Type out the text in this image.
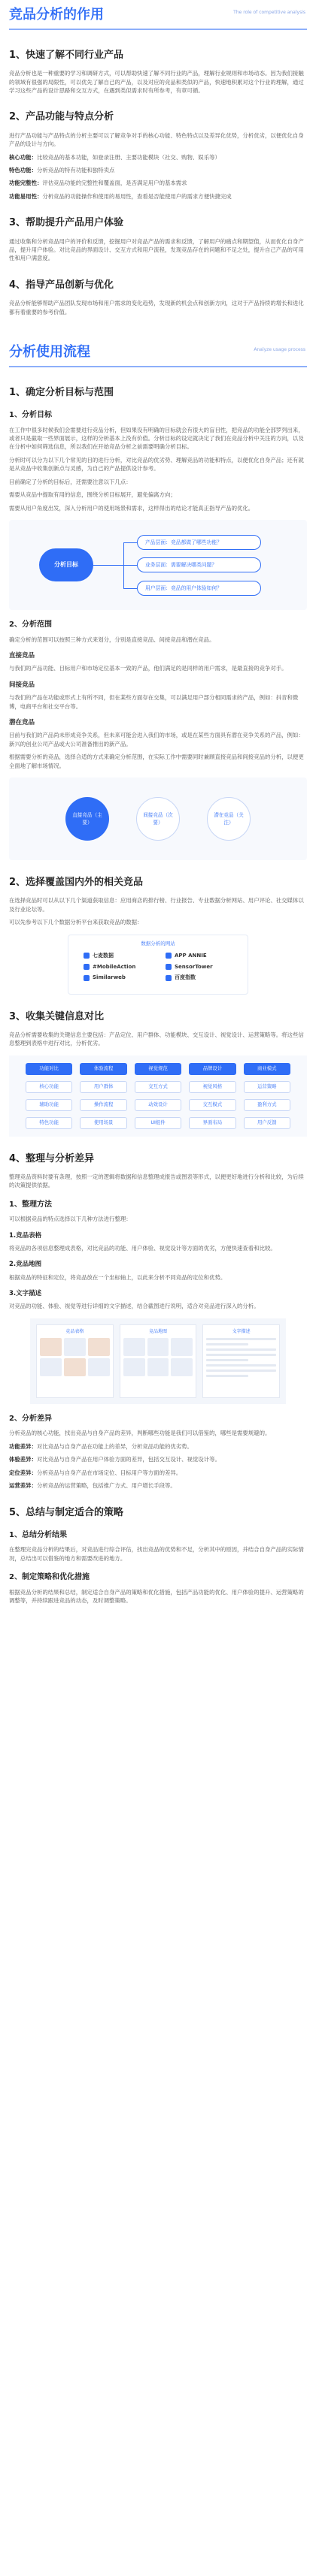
竞品分析的作用	The role of competitive analysis
1、快速了解不同行业产品
竞品分析也是一种重要的学习和调研方式，可以帮助快速了解不同行业的产品，理解行业规则和市场动态。因为我们接触的领域有很强的局限性，可以优先了解自己的产品，以及对应的竞品和类似的产品，快速地积累对这个行业的理解，通过学习这些产品的设计思路和交互方式，在遇到类似需求时有所参考，有章可循。
2、产品功能与特点分析
进行产品功能与产品特点的分析主要可以了解竞争对手的核心功能、特色特点以及差异化优势，分析优劣，以便优化自身产品的设计与方向。
核心功能：比较竞品的基本功能，如登录注册、主要功能模块（社交、购物、娱乐等）
特色功能：分析竞品的特有功能和独特卖点
功能完整性：评估竞品功能的完整性和覆盖面，是否满足用户的基本需求
功能易用性：分析竞品的功能操作和使用的易用性，查看是否能使用户的需求方便快捷完成
3、帮助提升产品用户体验
通过收集和分析竞品用户的评价和反馈，挖掘用户对竞品产品的需求和反馈，了解用户的痛点和期望值，从而优化自身产品，提升用户体验。对比竞品的界面设计、交互方式和用户流程，发现竞品存在的问题和不足之处，提升自己产品的可用性和用户满意度。
4、指导产品创新与优化
竞品分析能够帮助产品团队发现市场和用户需求的变化趋势，发现新的机会点和创新方向，这对于产品持续的增长和进化都有着重要的参考价值。
分析使用流程	Analyze usage process
1、确定分析目标与范围
1、分析目标
在工作中很多时候我们会需要进行竞品分析，但如果没有明确的目标就会有很大的盲目性，把竞品的功能全部罗列出来，或者只是截取一些界面展示，这样的分析基本上没有价值。分析目标的设定就决定了我们在竞品分析中关注的方向，以及在分析中如何筛选信息，所以我们在开始竞品分析之前需要明确分析目标。
分析时可以分为以下几个常见的目的进行分析，对比竞品的优劣势、理解竞品的功能和特点，以便优化自身产品；还有就是从竞品中收集创新点与灵感，为自己的产品提供设计参考。
目前确定了分析的目标后，还需要注意以下几点：
需要从竞品中提取有用的信息，围绕分析目标展开，避免偏离方向；
需要从用户角度出发，深入分析用户的使用场景和需求，这样得出的结论才能真正指导产品的优化。
分析目标
产品层面：竞品都做了哪些功能？
业务层面：需要解决哪类问题？
用户层面：竞品的用户体验如何？
2、分析范围
确定分析的范围可以按照三种方式来划分，分别是直接竞品、间接竞品和潜在竞品。
直接竞品
与我们的产品功能、目标用户和市场定位基本一致的产品，他们满足的是同样的用户需求，是最直接的竞争对手。
间接竞品
与我们的产品在功能或形式上有所不同，但在某些方面存在交集，可以满足用户部分相同需求的产品，例如：抖音和微博，电商平台和社交平台等。
潜在竞品
目前与我们的产品尚未形成竞争关系，但未来可能会进入我们的市场，或是在某些方面具有潜在竞争关系的产品，例如：新兴的创业公司产品或大公司准备推出的新产品。
根据需要分析的竞品，选择合适的方式来确定分析范围，在实际工作中需要同时兼顾直接竞品和间接竞品的分析，以便更全面地了解市场情况。
直接竞品（主要）
间接竞品（次要）
潜在竞品（关注）
2、选择覆盖国内外的相关竞品
在选择竞品时可以从以下几个渠道获取信息：应用商店的排行榜、行业报告、专业数据分析网站、用户评论、社交媒体以及行业论坛等。
可以先参考以下几个数据分析平台来获取竞品的数据：
数据分析的网站
七麦数据	APP ANNIE
#MobileAction	SensorTower
Similarweb	百度指数
3、收集关键信息对比
竞品分析需要收集的关键信息主要包括：产品定位、用户群体、功能模块、交互设计、视觉设计、运营策略等。将这些信息整理到表格中进行对比，分析优劣。
功能对比	体验流程	视觉规范	品牌设计	商业模式
核心功能	用户群体	交互方式	视觉风格	运营策略
辅助功能	操作流程	动效设计	交互模式	盈利方式
特色功能	使用场景	UI组件	界面布局	用户反馈
4、整理与分析差异
整理竞品资料时要有条理，按照一定的逻辑将数据和信息整理成报告或图表等形式，以便更好地进行分析和比较，为后续的决策提供依据。
1、整理方法
可以根据竞品的特点选择以下几种方法进行整理：
1.竞品表格
将竞品的各项信息整理成表格，对比竞品的功能、用户体验、视觉设计等方面的优劣，方便快速查看和比较。
2.竞品地图
根据竞品的特征和定位，将竞品放在一个坐标轴上，以此来分析不同竞品的定位和优势。
3.文字描述
对竞品的功能、体验、视觉等进行详细的文字描述，结合截图进行说明，适合对竞品进行深入的分析。
竞品表格	竞品地图	文字描述
2、分析差异
分析竞品的核心功能，找出竞品与自身产品的差异，判断哪些功能是我们可以借鉴的，哪些是需要规避的。
功能差异：对比竞品与自身产品在功能上的差异，分析竞品功能的优劣势。
体验差异：对比竞品与自身产品在用户体验方面的差异，包括交互设计、视觉设计等。
定位差异：分析竞品与自身产品在市场定位、目标用户等方面的差异。
运营差异：分析竞品的运营策略，包括推广方式、用户增长手段等。
5、总结与制定适合的策略
1、总结分析结果
在整理完竞品分析的结果后，对竞品进行综合评估，找出竞品的优势和不足，分析其中的原因，并结合自身产品的实际情况，总结出可以借鉴的地方和需要改进的地方。
2、制定策略和优化措施
根据竞品分析的结果和总结，制定适合自身产品的策略和优化措施，包括产品功能的优化、用户体验的提升、运营策略的调整等，并持续跟进竞品的动态，及时调整策略。
